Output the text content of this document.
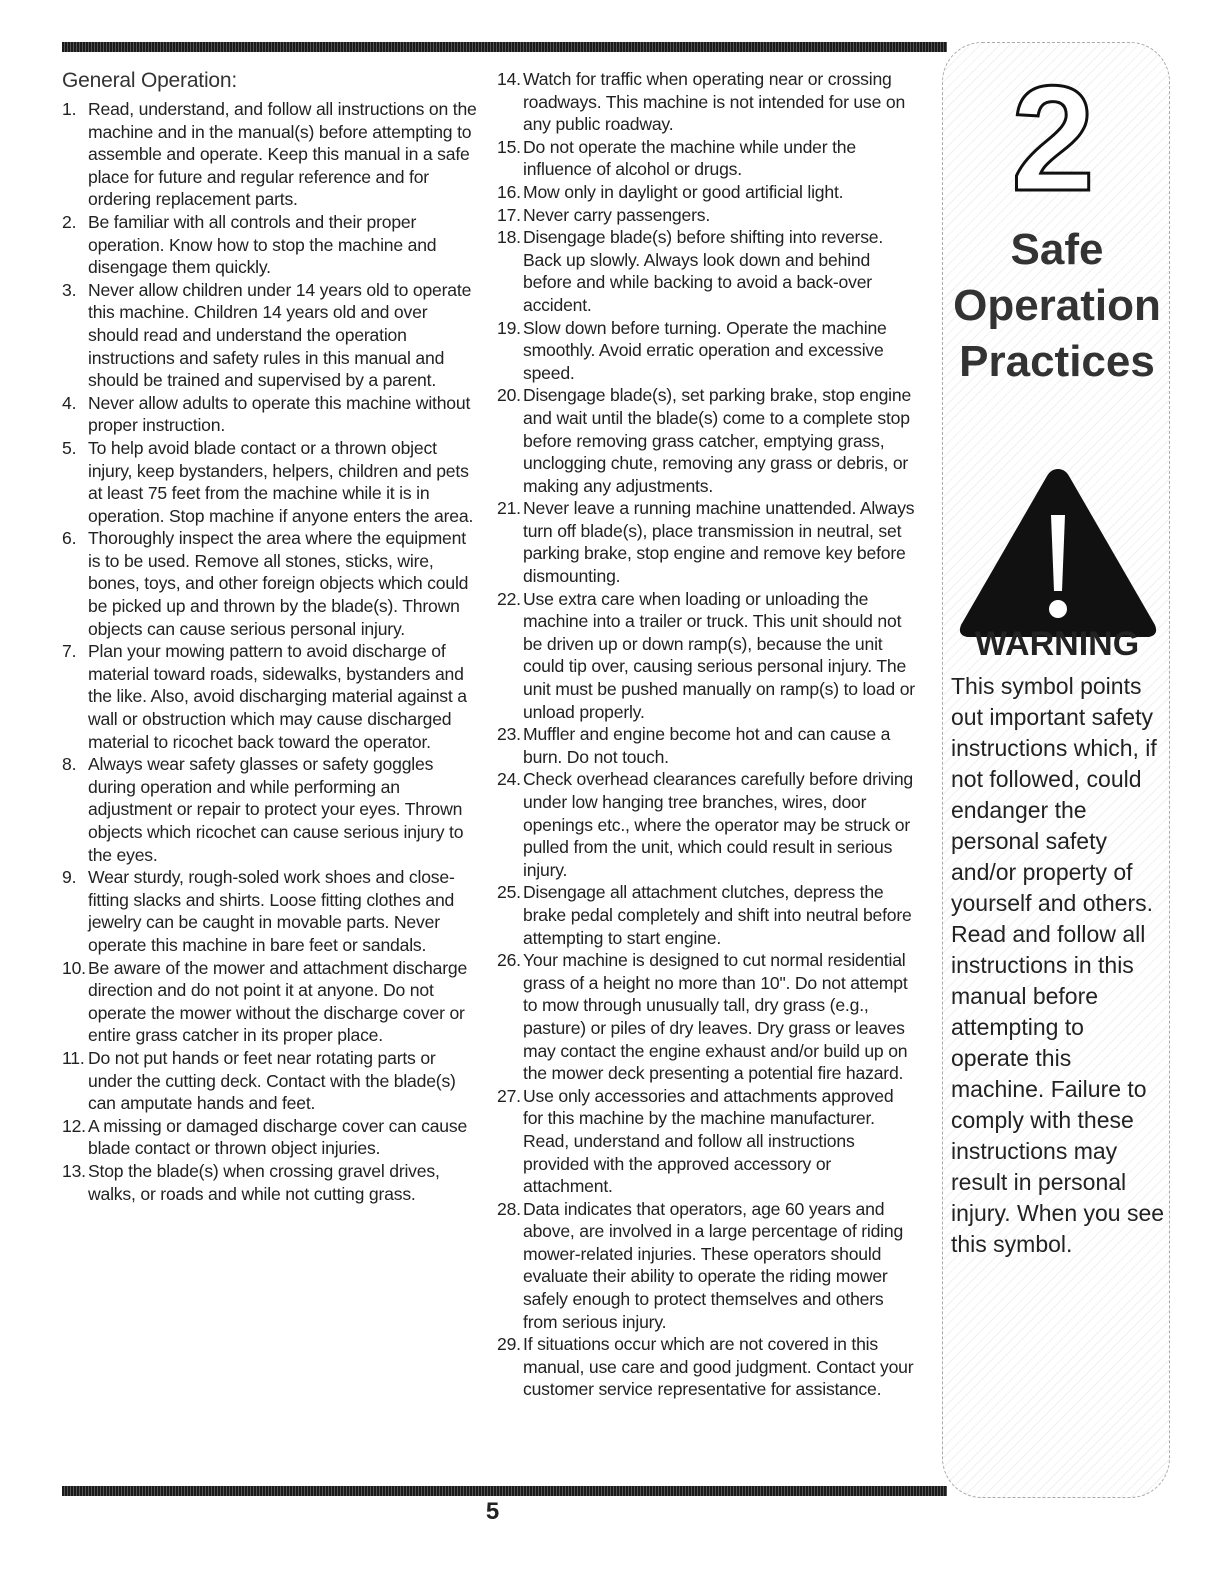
General Operation:
1. Read, understand, and follow all instructions on the machine and in the manual(s) before attempting to assemble and operate. Keep this manual in a safe place for future and regular reference and for ordering replacement parts.
2. Be familiar with all controls and their proper operation. Know how to stop the machine and disengage them quickly.
3. Never allow children under 14 years old to operate this machine. Children 14 years old and over should read and understand the operation instructions and safety rules in this manual and should be trained and supervised by a parent.
4. Never allow adults to operate this machine without proper instruction.
5. To help avoid blade contact or a thrown object injury, keep bystanders, helpers, children and pets at least 75 feet from the machine while it is in operation. Stop machine if anyone enters the area.
6. Thoroughly inspect the area where the equipment is to be used. Remove all stones, sticks, wire, bones, toys, and other foreign objects which could be picked up and thrown by the blade(s). Thrown objects can cause serious personal injury.
7. Plan your mowing pattern to avoid discharge of material toward roads, sidewalks, bystanders and the like. Also, avoid discharging material against a wall or obstruction which may cause discharged material to ricochet back toward the operator.
8. Always wear safety glasses or safety goggles during operation and while performing an adjustment or repair to protect your eyes. Thrown objects which ricochet can cause serious injury to the eyes.
9. Wear sturdy, rough-soled work shoes and close-fitting slacks and shirts. Loose fitting clothes and jewelry can be caught in movable parts. Never operate this machine in bare feet or sandals.
10. Be aware of the mower and attachment discharge direction and do not point it at anyone. Do not operate the mower without the discharge cover or entire grass catcher in its proper place.
11. Do not put hands or feet near rotating parts or under the cutting deck. Contact with the blade(s) can amputate hands and feet.
12. A missing or damaged discharge cover can cause blade contact or thrown object injuries.
13. Stop the blade(s) when crossing gravel drives, walks, or roads and while not cutting grass.
14. Watch for traffic when operating near or crossing roadways. This machine is not intended for use on any public roadway.
15. Do not operate the machine while under the influence of alcohol or drugs.
16. Mow only in daylight or good artificial light.
17. Never carry passengers.
18. Disengage blade(s) before shifting into reverse. Back up slowly. Always look down and behind before and while backing to avoid a back-over accident.
19. Slow down before turning. Operate the machine smoothly. Avoid erratic operation and excessive speed.
20. Disengage blade(s), set parking brake, stop engine and wait until the blade(s) come to a complete stop before removing grass catcher, emptying grass, unclogging chute, removing any grass or debris, or making any adjustments.
21. Never leave a running machine unattended. Always turn off blade(s), place transmission in neutral, set parking brake, stop engine and remove key before dismounting.
22. Use extra care when loading or unloading the machine into a trailer or truck. This unit should not be driven up or down ramp(s), because the unit could tip over, causing serious personal injury. The unit must be pushed manually on ramp(s) to load or unload properly.
23. Muffler and engine become hot and can cause a burn. Do not touch.
24. Check overhead clearances carefully before driving under low hanging tree branches, wires, door openings etc., where the operator may be struck or pulled from the unit, which could result in serious injury.
25. Disengage all attachment clutches, depress the brake pedal completely and shift into neutral before attempting to start engine.
26. Your machine is designed to cut normal residential grass of a height no more than 10". Do not attempt to mow through unusually tall, dry grass (e.g., pasture) or piles of dry leaves. Dry grass or leaves may contact the engine exhaust and/or build up on the mower deck presenting a potential fire hazard.
27. Use only accessories and attachments approved for this machine by the machine manufacturer. Read, understand and follow all instructions provided with the approved accessory or attachment.
28. Data indicates that operators, age 60 years and above, are involved in a large percentage of riding mower-related injuries. These operators should evaluate their ability to operate the riding mower safely enough to protect themselves and others from serious injury.
29. If situations occur which are not covered in this manual, use care and good judgment. Contact your customer service representative for assistance.
2
Safe
Operation
Practices
WARNING
This symbol points out important safety instructions which, if not followed, could endanger the personal safety and/or property of yourself and others. Read and follow all instructions in this manual before attempting to operate this machine. Failure to comply with these instructions may result in personal injury. When you see this symbol.
5
